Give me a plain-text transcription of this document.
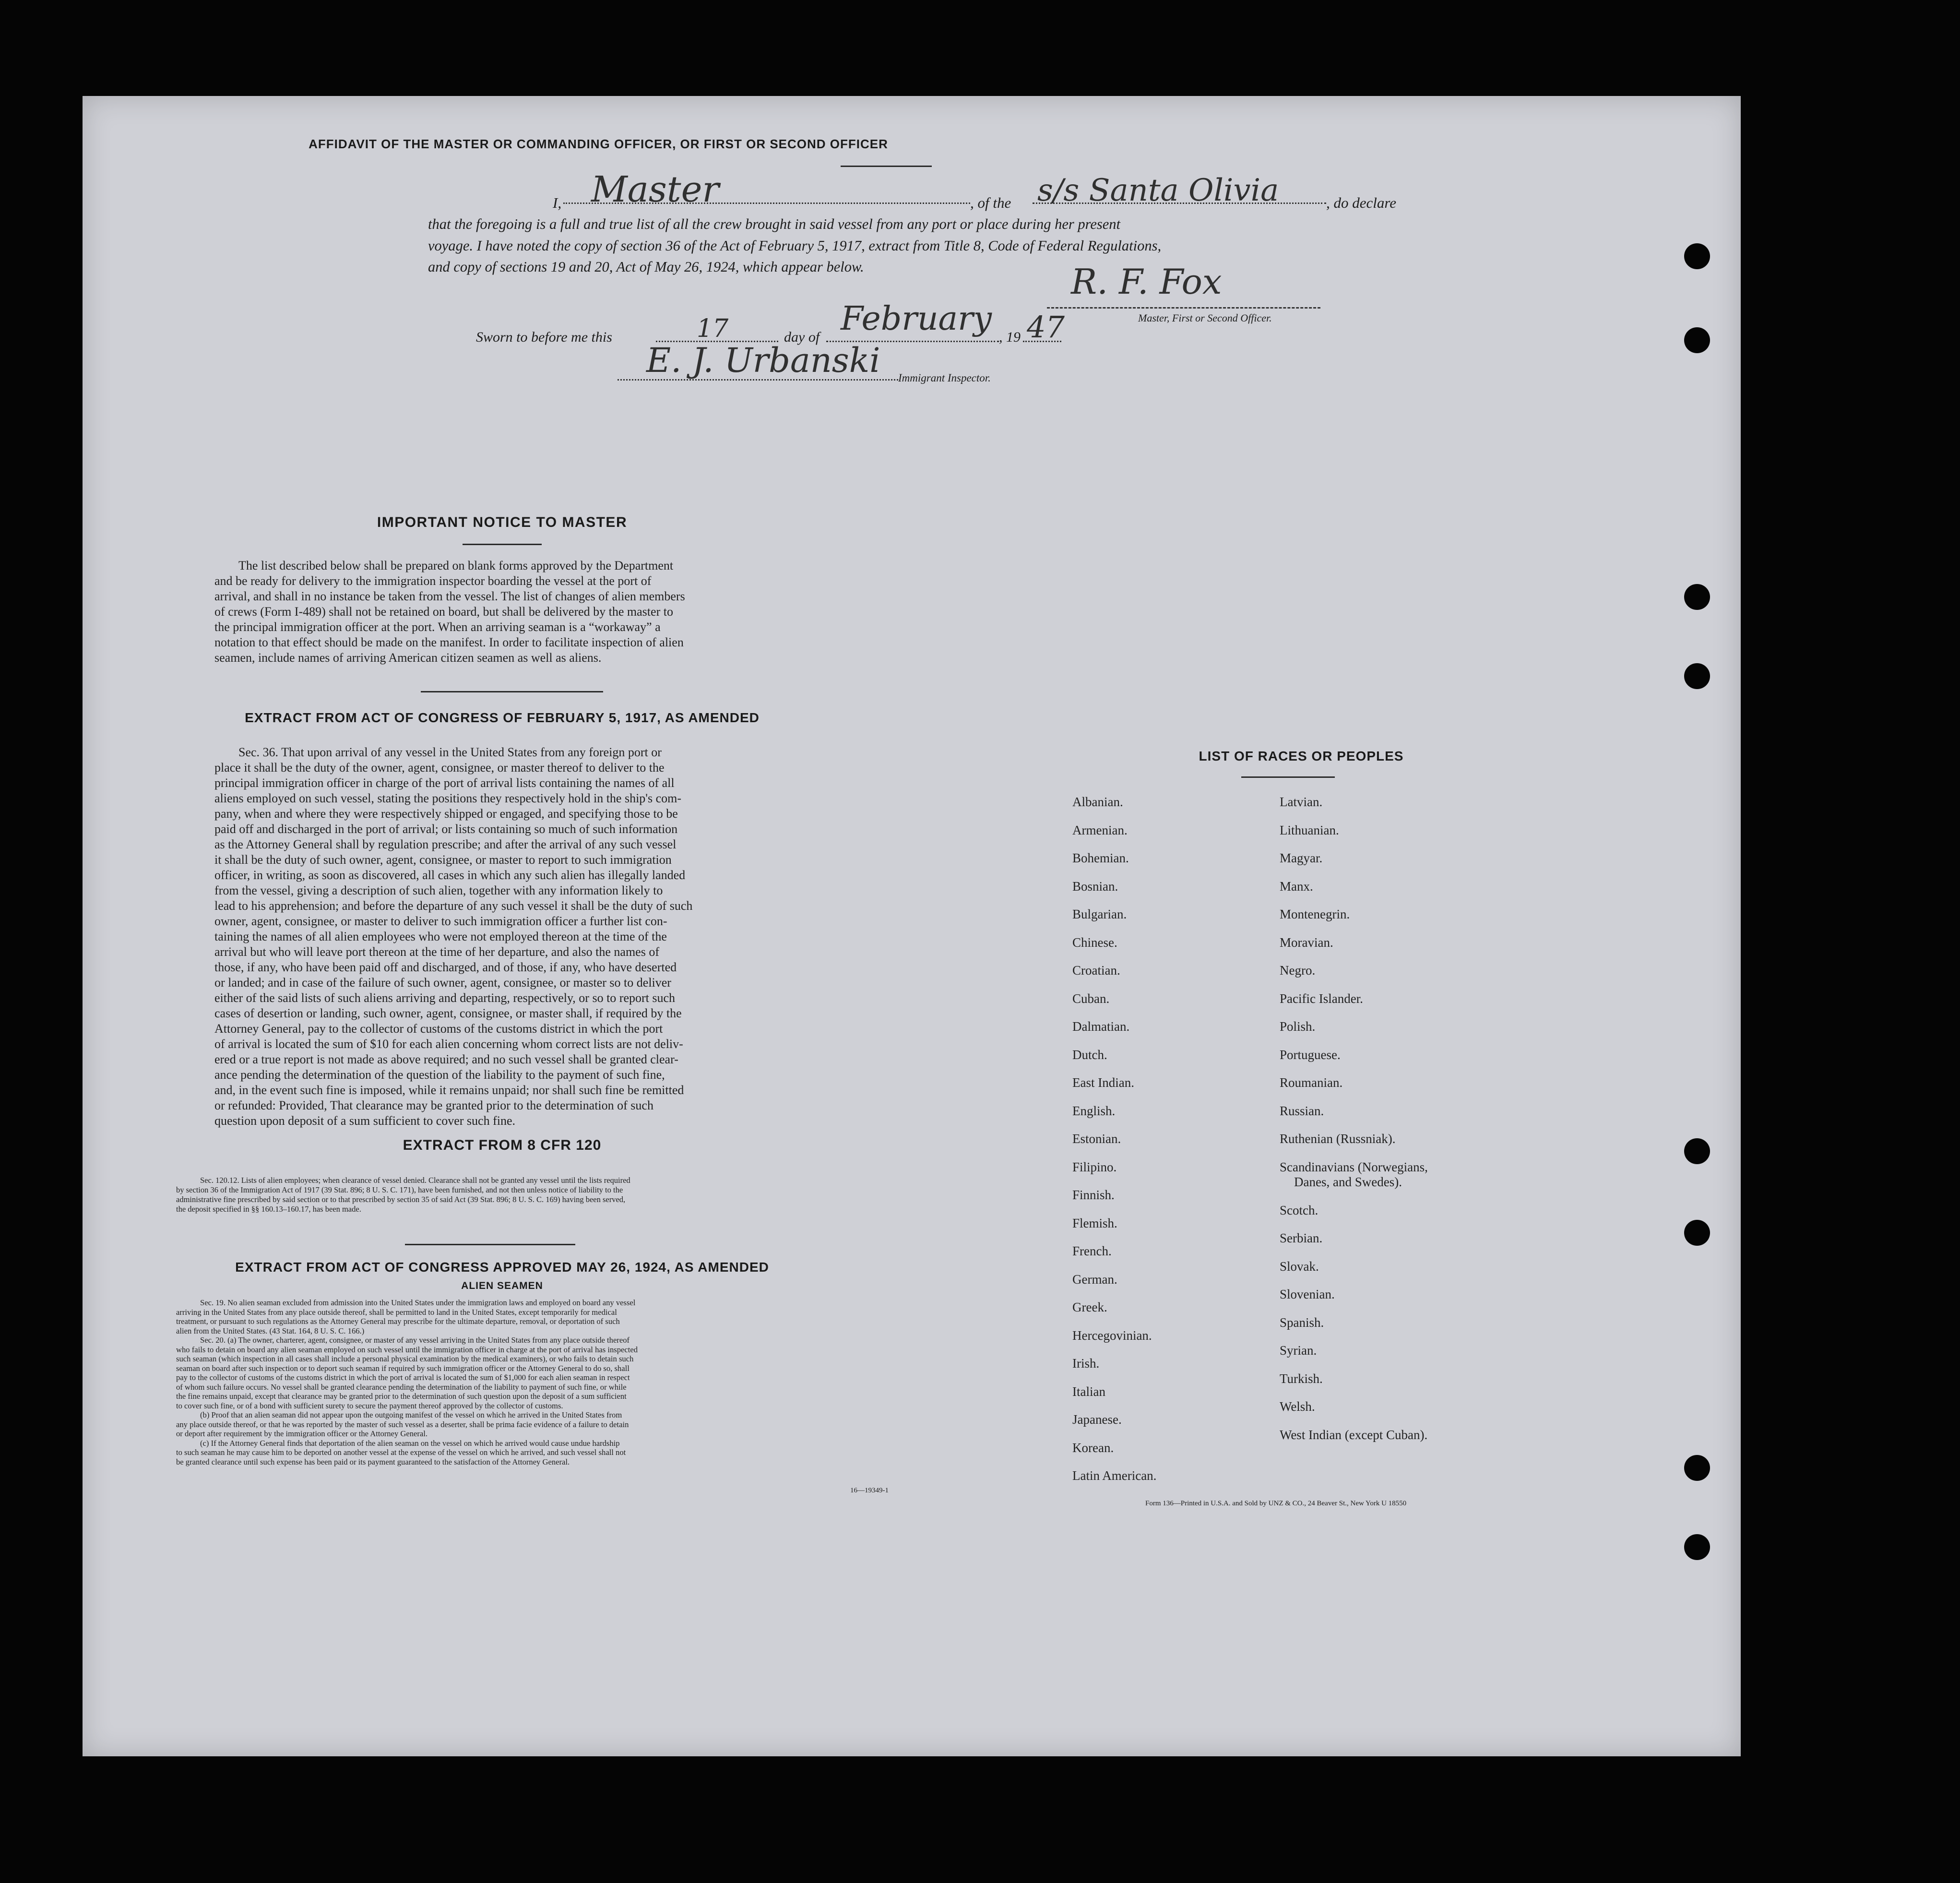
AFFIDAVIT OF THE MASTER OR COMMANDING OFFICER, OR FIRST OR SECOND OFFICER
I, Master	, of the s/s Santa Olivia	, do declare
that the foregoing is a full and true list of all the crew brought in said vessel from any port or place during her present
voyage. I have noted the copy of section 36 of the Act of February 5, 1917, extract from Title 8, Code of Federal Regulations,
and copy of sections 19 and 20, Act of May 26, 1924, which appear below.	R. F. Fox
Master, First or Second Officer.
Sworn to before me this	17	day of February , 19 47
E. J. Urbanski Immigrant Inspector.
IMPORTANT NOTICE TO MASTER
The list described below shall be prepared on blank forms approved by the Department
and be ready for delivery to the immigration inspector boarding the vessel at the port of
arrival, and shall in no instance be taken from the vessel. The list of changes of alien members
of crews (Form I-489) shall not be retained on board, but shall be delivered by the master to
the principal immigration officer at the port. When an arriving seaman is a “workaway” a
notation to that effect should be made on the manifest. In order to facilitate inspection of alien
seamen, include names of arriving American citizen seamen as well as aliens.
EXTRACT FROM ACT OF CONGRESS OF FEBRUARY 5, 1917, AS AMENDED
Sec. 36. That upon arrival of any vessel in the United States from any foreign port or
place it shall be the duty of the owner, agent, consignee, or master thereof to deliver to the
principal immigration officer in charge of the port of arrival lists containing the names of all
aliens employed on such vessel, stating the positions they respectively hold in the ship's com-
pany, when and where they were respectively shipped or engaged, and specifying those to be
paid off and discharged in the port of arrival; or lists containing so much of such information
as the Attorney General shall by regulation prescribe; and after the arrival of any such vessel
it shall be the duty of such owner, agent, consignee, or master to report to such immigration
officer, in writing, as soon as discovered, all cases in which any such alien has illegally landed
from the vessel, giving a description of such alien, together with any information likely to
lead to his apprehension; and before the departure of any such vessel it shall be the duty of such
owner, agent, consignee, or master to deliver to such immigration officer a further list con-
taining the names of all alien employees who were not employed thereon at the time of the
arrival but who will leave port thereon at the time of her departure, and also the names of
those, if any, who have been paid off and discharged, and of those, if any, who have deserted
or landed; and in case of the failure of such owner, agent, consignee, or master so to deliver
either of the said lists of such aliens arriving and departing, respectively, or so to report such
cases of desertion or landing, such owner, agent, consignee, or master shall, if required by the
Attorney General, pay to the collector of customs of the customs district in which the port
of arrival is located the sum of $10 for each alien concerning whom correct lists are not deliv-
ered or a true report is not made as above required; and no such vessel shall be granted clear-
ance pending the determination of the question of the liability to the payment of such fine,
and, in the event such fine is imposed, while it remains unpaid; nor shall such fine be remitted
or refunded: Provided, That clearance may be granted prior to the determination of such
question upon deposit of a sum sufficient to cover such fine.
EXTRACT FROM 8 CFR 120
Sec. 120.12. Lists of alien employees; when clearance of vessel denied. Clearance shall not be granted any vessel until the lists required
by section 36 of the Immigration Act of 1917 (39 Stat. 896; 8 U. S. C. 171), have been furnished, and not then unless notice of liability to the
administrative fine prescribed by said section or to that prescribed by section 35 of said Act (39 Stat. 896; 8 U. S. C. 169) having been served,
the deposit specified in §§ 160.13–160.17, has been made.
EXTRACT FROM ACT OF CONGRESS APPROVED MAY 26, 1924, AS AMENDED
ALIEN SEAMEN
Sec. 19. No alien seaman excluded from admission into the United States under the immigration laws and employed on board any vessel
arriving in the United States from any place outside thereof, shall be permitted to land in the United States, except temporarily for medical
treatment, or pursuant to such regulations as the Attorney General may prescribe for the ultimate departure, removal, or deportation of such
alien from the United States. (43 Stat. 164, 8 U. S. C. 166.)
Sec. 20. (a) The owner, charterer, agent, consignee, or master of any vessel arriving in the United States from any place outside thereof
who fails to detain on board any alien seaman employed on such vessel until the immigration officer in charge at the port of arrival has inspected
such seaman (which inspection in all cases shall include a personal physical examination by the medical examiners), or who fails to detain such
seaman on board after such inspection or to deport such seaman if required by such immigration officer or the Attorney General to do so, shall
pay to the collector of customs of the customs district in which the port of arrival is located the sum of $1,000 for each alien seaman in respect
of whom such failure occurs. No vessel shall be granted clearance pending the determination of the liability to payment of such fine, or while
the fine remains unpaid, except that clearance may be granted prior to the determination of such question upon the deposit of a sum sufficient
to cover such fine, or of a bond with sufficient surety to secure the payment thereof approved by the collector of customs.
(b) Proof that an alien seaman did not appear upon the outgoing manifest of the vessel on which he arrived in the United States from
any place outside thereof, or that he was reported by the master of such vessel as a deserter, shall be prima facie evidence of a failure to detain
or deport after requirement by the immigration officer or the Attorney General.
(c) If the Attorney General finds that deportation of the alien seaman on the vessel on which he arrived would cause undue hardship
to such seaman he may cause him to be deported on another vessel at the expense of the vessel on which he arrived, and such vessel shall not
be granted clearance until such expense has been paid or its payment guaranteed to the satisfaction of the Attorney General.
16—19349-1
LIST OF RACES OR PEOPLES
Albanian.
Armenian.
Bohemian.
Bosnian.
Bulgarian.
Chinese.
Croatian.
Cuban.
Dalmatian.
Dutch.
East Indian.
English.
Estonian.
Filipino.
Finnish.
Flemish.
French.
German.
Greek.
Hercegovinian.
Irish.
Italian
Japanese.
Korean.
Latin American.
Latvian.
Lithuanian.
Magyar.
Manx.
Montenegrin.
Moravian.
Negro.
Pacific Islander.
Polish.
Portuguese.
Roumanian.
Russian.
Ruthenian (Russniak).
Scandinavians (Norwegians,
Danes, and Swedes).
Scotch.
Serbian.
Slovak.
Slovenian.
Spanish.
Syrian.
Turkish.
Welsh.
West Indian (except Cuban).
Form 136—Printed in U.S.A. and Sold by UNZ & CO., 24 Beaver St., New York U 18550
